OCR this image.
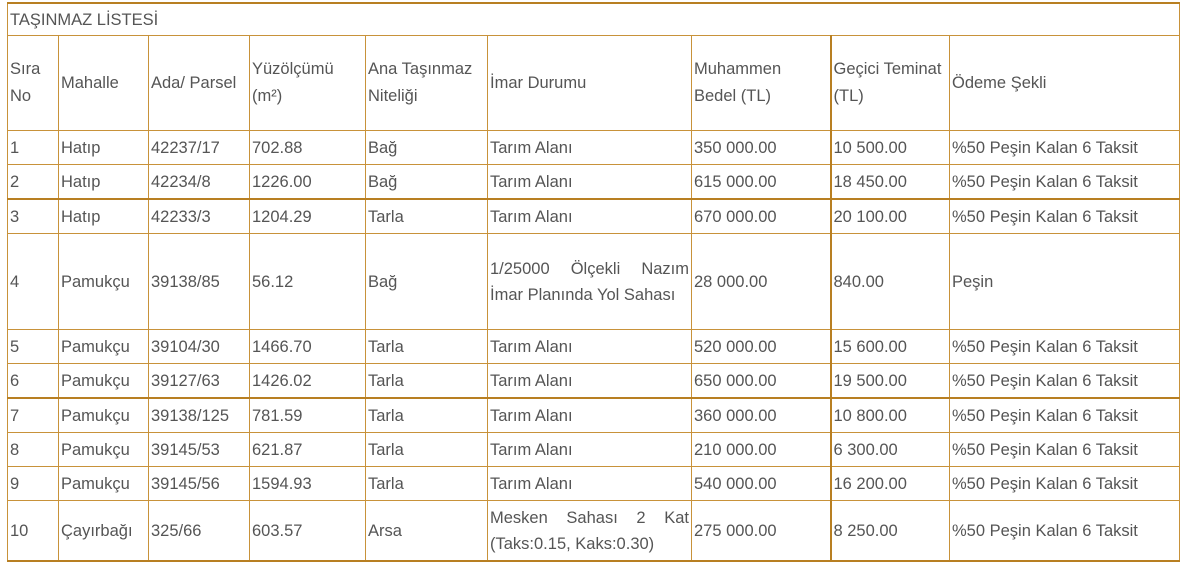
TAŞINMAZ LİSTESİ								
Sıra No	Mahalle	Ada/ Parsel	Yüzölçümü (m²)	Ana Taşınmaz Niteliği	İmar Durumu	Muhammen Bedel (TL)	Geçici Teminat (TL)	Ödeme Şekli
1	Hatıp	42237/17	702.88	Bağ	Tarım Alanı	350 000.00	10 500.00	%50 Peşin Kalan 6 Taksit
2	Hatıp	42234/8	1226.00	Bağ	Tarım Alanı	615 000.00	18 450.00	%50 Peşin Kalan 6 Taksit
3	Hatıp	42233/3	1204.29	Tarla	Tarım Alanı	670 000.00	20 100.00	%50 Peşin Kalan 6 Taksit
4	Pamukçu	39138/85	56.12	Bağ	1/25000 Ölçekli Nazım İmar Planında Yol Sahası	28 000.00	840.00	Peşin
5	Pamukçu	39104/30	1466.70	Tarla	Tarım Alanı	520 000.00	15 600.00	%50 Peşin Kalan 6 Taksit
6	Pamukçu	39127/63	1426.02	Tarla	Tarım Alanı	650 000.00	19 500.00	%50 Peşin Kalan 6 Taksit
7	Pamukçu	39138/125	781.59	Tarla	Tarım Alanı	360 000.00	10 800.00	%50 Peşin Kalan 6 Taksit
8	Pamukçu	39145/53	621.87	Tarla	Tarım Alanı	210 000.00	6 300.00	%50 Peşin Kalan 6 Taksit
9	Pamukçu	39145/56	1594.93	Tarla	Tarım Alanı	540 000.00	16 200.00	%50 Peşin Kalan 6 Taksit
10	Çayırbağı	325/66	603.57	Arsa	Mesken Sahası 2 Kat (Taks:0.15, Kaks:0.30)	275 000.00	8 250.00	%50 Peşin Kalan 6 Taksit
